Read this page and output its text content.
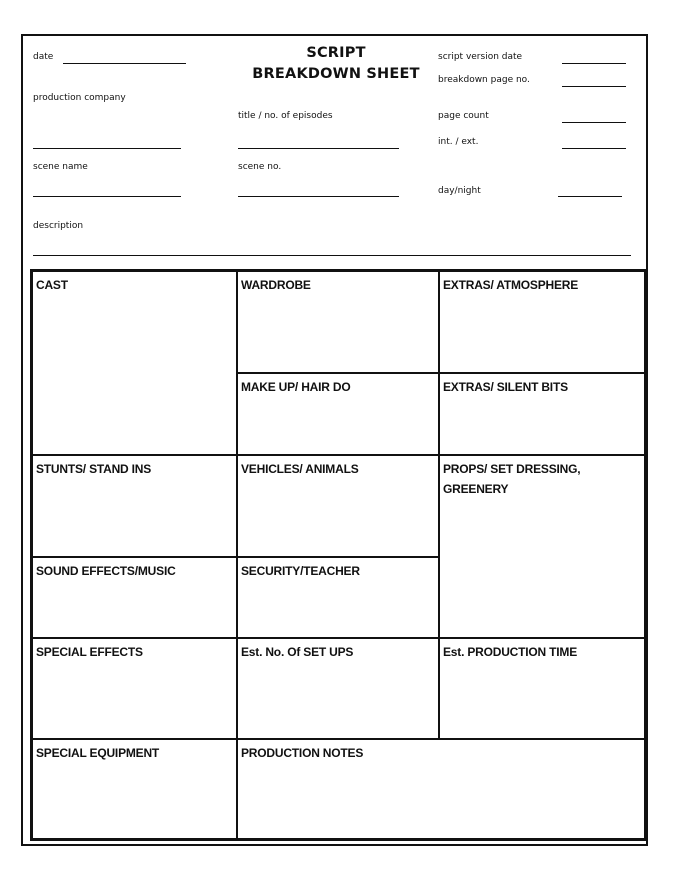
date
production company
scene name
description
SCRIPT
BREAKDOWN SHEET
title / no. of episodes
scene no.
script version date
breakdown page no.
page count
int. / ext.
day/night
CAST	WARDROBE	EXTRAS/ ATMOSPHERE
MAKE UP/ HAIR DO	EXTRAS/ SILENT BITS
STUNTS/ STAND INS	VEHICLES/ ANIMALS	PROPS/ SET DRESSING, GREENERY
SOUND EFFECTS/MUSIC	SECURITY/TEACHER
SPECIAL EFFECTS	Est. No. Of SET UPS	Est. PRODUCTION TIME
SPECIAL EQUIPMENT	PRODUCTION NOTES
